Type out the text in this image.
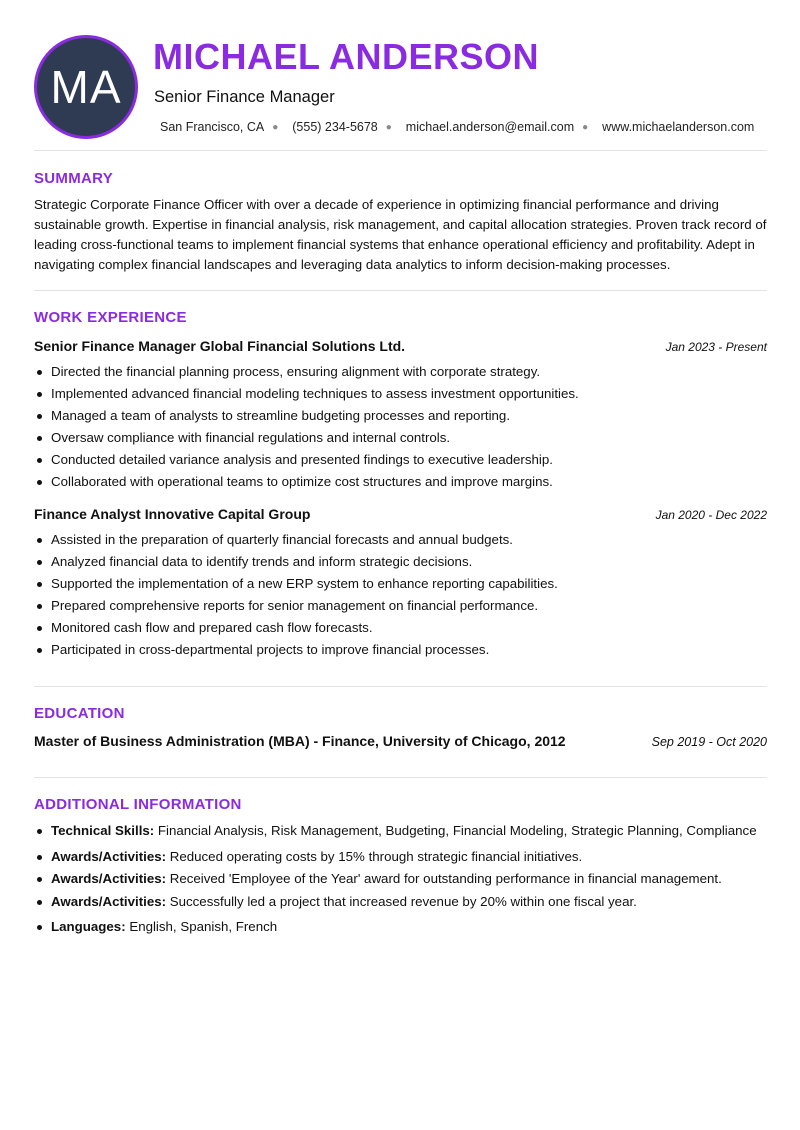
MA
MICHAEL ANDERSON
Senior Finance Manager
San Francisco, CA ● (555) 234-5678 ● michael.anderson@email.com ● www.michaelanderson.com
SUMMARY

Strategic Corporate Finance Officer with over a decade of experience in optimizing financial performance and driving sustainable growth. Expertise in financial analysis, risk management, and capital allocation strategies. Proven track record of leading cross-functional teams to implement financial systems that enhance operational efficiency and profitability. Adept in navigating complex financial landscapes and leveraging data analytics to inform decision-making processes.

WORK EXPERIENCE
Senior Finance Manager Global Financial Solutions Ltd.	Jan 2023 - Present
Directed the financial planning process, ensuring alignment with corporate strategy.
Implemented advanced financial modeling techniques to assess investment opportunities.
Managed a team of analysts to streamline budgeting processes and reporting.
Oversaw compliance with financial regulations and internal controls.
Conducted detailed variance analysis and presented findings to executive leadership.
Collaborated with operational teams to optimize cost structures and improve margins.
Finance Analyst Innovative Capital Group	Jan 2020 - Dec 2022
Assisted in the preparation of quarterly financial forecasts and annual budgets.
Analyzed financial data to identify trends and inform strategic decisions.
Supported the implementation of a new ERP system to enhance reporting capabilities.
Prepared comprehensive reports for senior management on financial performance.
Monitored cash flow and prepared cash flow forecasts.
Participated in cross-departmental projects to improve financial processes.
EDUCATION
Master of Business Administration (MBA) - Finance, University of Chicago, 2012	Sep 2019 - Oct 2020
ADDITIONAL INFORMATION
Technical Skills: Financial Analysis, Risk Management, Budgeting, Financial Modeling, Strategic Planning, Compliance
Awards/Activities: Reduced operating costs by 15% through strategic financial initiatives.
Awards/Activities: Received 'Employee of the Year' award for outstanding performance in financial management.
Awards/Activities: Successfully led a project that increased revenue by 20% within one fiscal year.
Languages: English, Spanish, French
